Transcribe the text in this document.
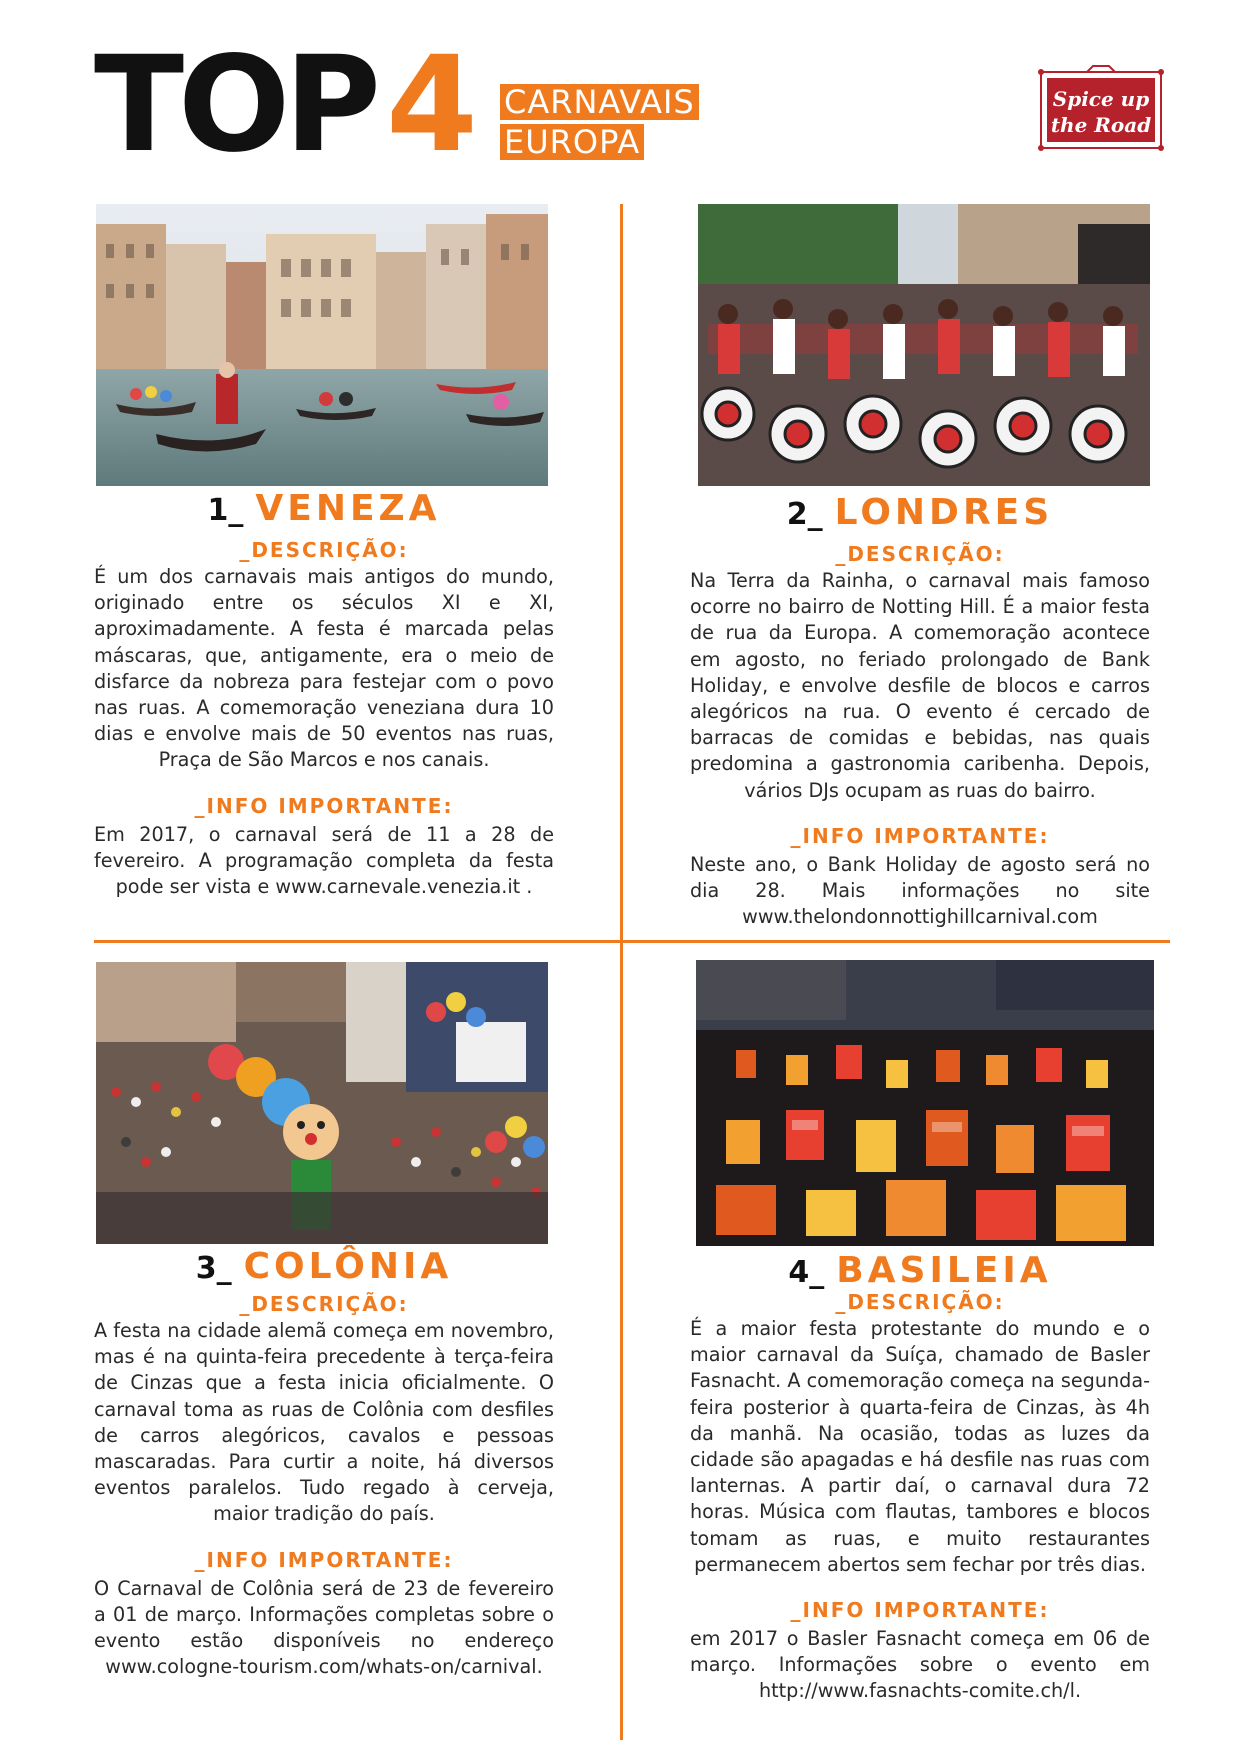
TOP 4 CARNAVAIS
EUROPA
Spice up
the Road
1_ VENEZA
_DESCRIÇÃO:

É um dos carnavais mais antigos do mundo, originado entre os séculos XI e XI, aproximadamente. A festa é marcada pelas máscaras, que, antigamente, era o meio de disfarce da nobreza para festejar com o povo nas ruas. A comemoração veneziana dura 10 dias e envolve mais de 50 eventos nas ruas, Praça de São Marcos e nos canais.

_INFO IMPORTANTE:

Em 2017, o carnaval será de 11 a 28 de fevereiro. A programação completa da festa pode ser vista e www.carnevale.venezia.it .

2_ LONDRES
_DESCRIÇÃO:

Na Terra da Rainha, o carnaval mais famoso ocorre no bairro de Notting Hill. É a maior festa de rua da Europa. A comemoração acontece em agosto, no feriado prolongado de Bank Holiday, e envolve desfile de blocos e carros alegóricos na rua. O evento é cercado de barracas de comidas e bebidas, nas quais predomina a gastronomia caribenha. Depois, vários DJs ocupam as ruas do bairro.

_INFO IMPORTANTE:

Neste ano, o Bank Holiday de agosto será no dia 28. Mais informações no site www.thelondonnottighillcarnival.com

3_ COLÔNIA
_DESCRIÇÃO:

A festa na cidade alemã começa em novembro, mas é na quinta-feira precedente à terça-feira de Cinzas que a festa inicia oficialmente. O carnaval toma as ruas de Colônia com desfiles de carros alegóricos, cavalos e pessoas mascaradas. Para curtir a noite, há diversos eventos paralelos. Tudo regado à cerveja, maior tradição do país.

_INFO IMPORTANTE:

O Carnaval de Colônia será de 23 de fevereiro a 01 de março. Informações completas sobre o evento estão disponíveis no endereço www.cologne-tourism.com/whats-on/carnival.

4_ BASILEIA
_DESCRIÇÃO:

É a maior festa protestante do mundo e o maior carnaval da Suíça, chamado de Basler Fasnacht. A comemoração começa na segunda-feira posterior à quarta-feira de Cinzas, às 4h da manhã. Na ocasião, todas as luzes da cidade são apagadas e há desfile nas ruas com lanternas. A partir daí, o carnaval dura 72 horas. Música com flautas, tambores e blocos tomam as ruas, e muito restaurantes permanecem abertos sem fechar por três dias.

_INFO IMPORTANTE:

em 2017 o Basler Fasnacht começa em 06 de março. Informações sobre o evento em http://www.fasnachts-comite.ch/l.
